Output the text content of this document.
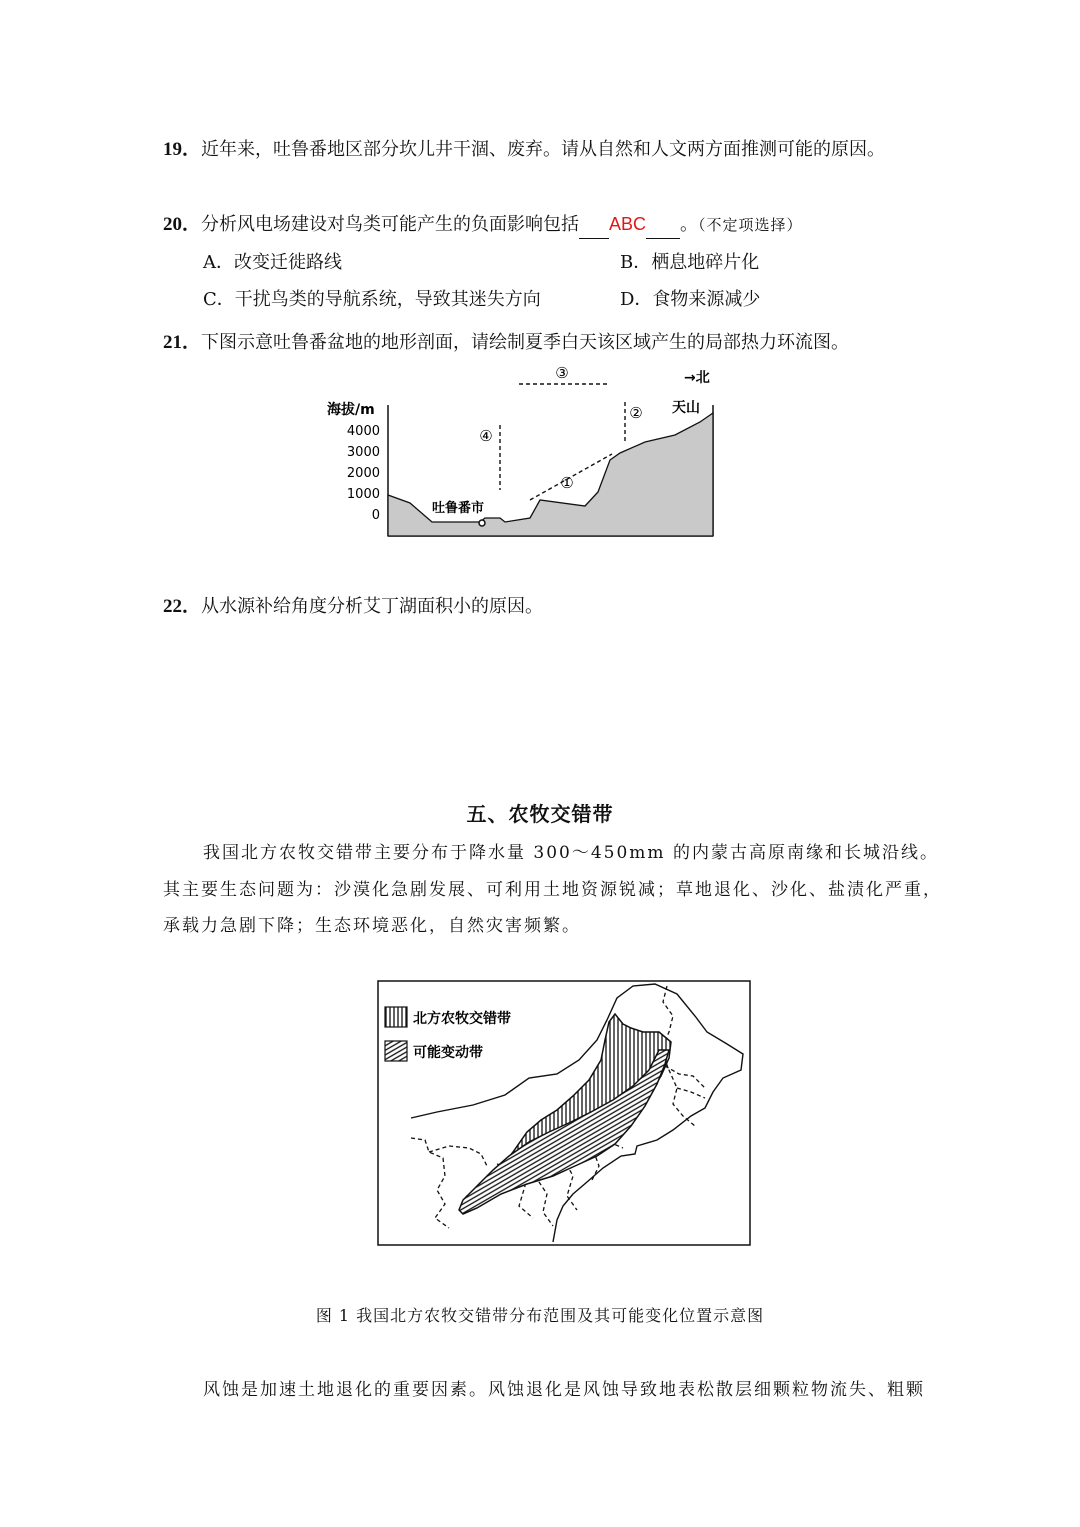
19．近年来，吐鲁番地区部分坎儿井干涸、废弃。请从自然和人文两方面推测可能的原因。
20．分析风电场建设对鸟类可能产生的负面影响包括 ABC 。（不定项选择）
A．改变迁徙路线	B．栖息地碎片化
C．干扰鸟类的导航系统，导致其迷失方向	D．食物来源减少
21．下图示意吐鲁番盆地的地形剖面，请绘制夏季白天该区域产生的局部热力环流图。
海拔/m
4000
3000
2000
1000
0	吐鲁番市
③
④
②
①
→北
天山
22．从水源补给角度分析艾丁湖面积小的原因。
五、农牧交错带
我国北方农牧交错带主要分布于降水量 300～450mm 的内蒙古高原南缘和长城沿线。
其主要生态问题为：沙漠化急剧发展、可利用土地资源锐减；草地退化、沙化、盐渍化严重，
承载力急剧下降；生态环境恶化，自然灾害频繁。
北方农牧交错带
可能变动带
图 1 我国北方农牧交错带分布范围及其可能变化位置示意图
风蚀是加速土地退化的重要因素。风蚀退化是风蚀导致地表松散层细颗粒物流失、粗颗
